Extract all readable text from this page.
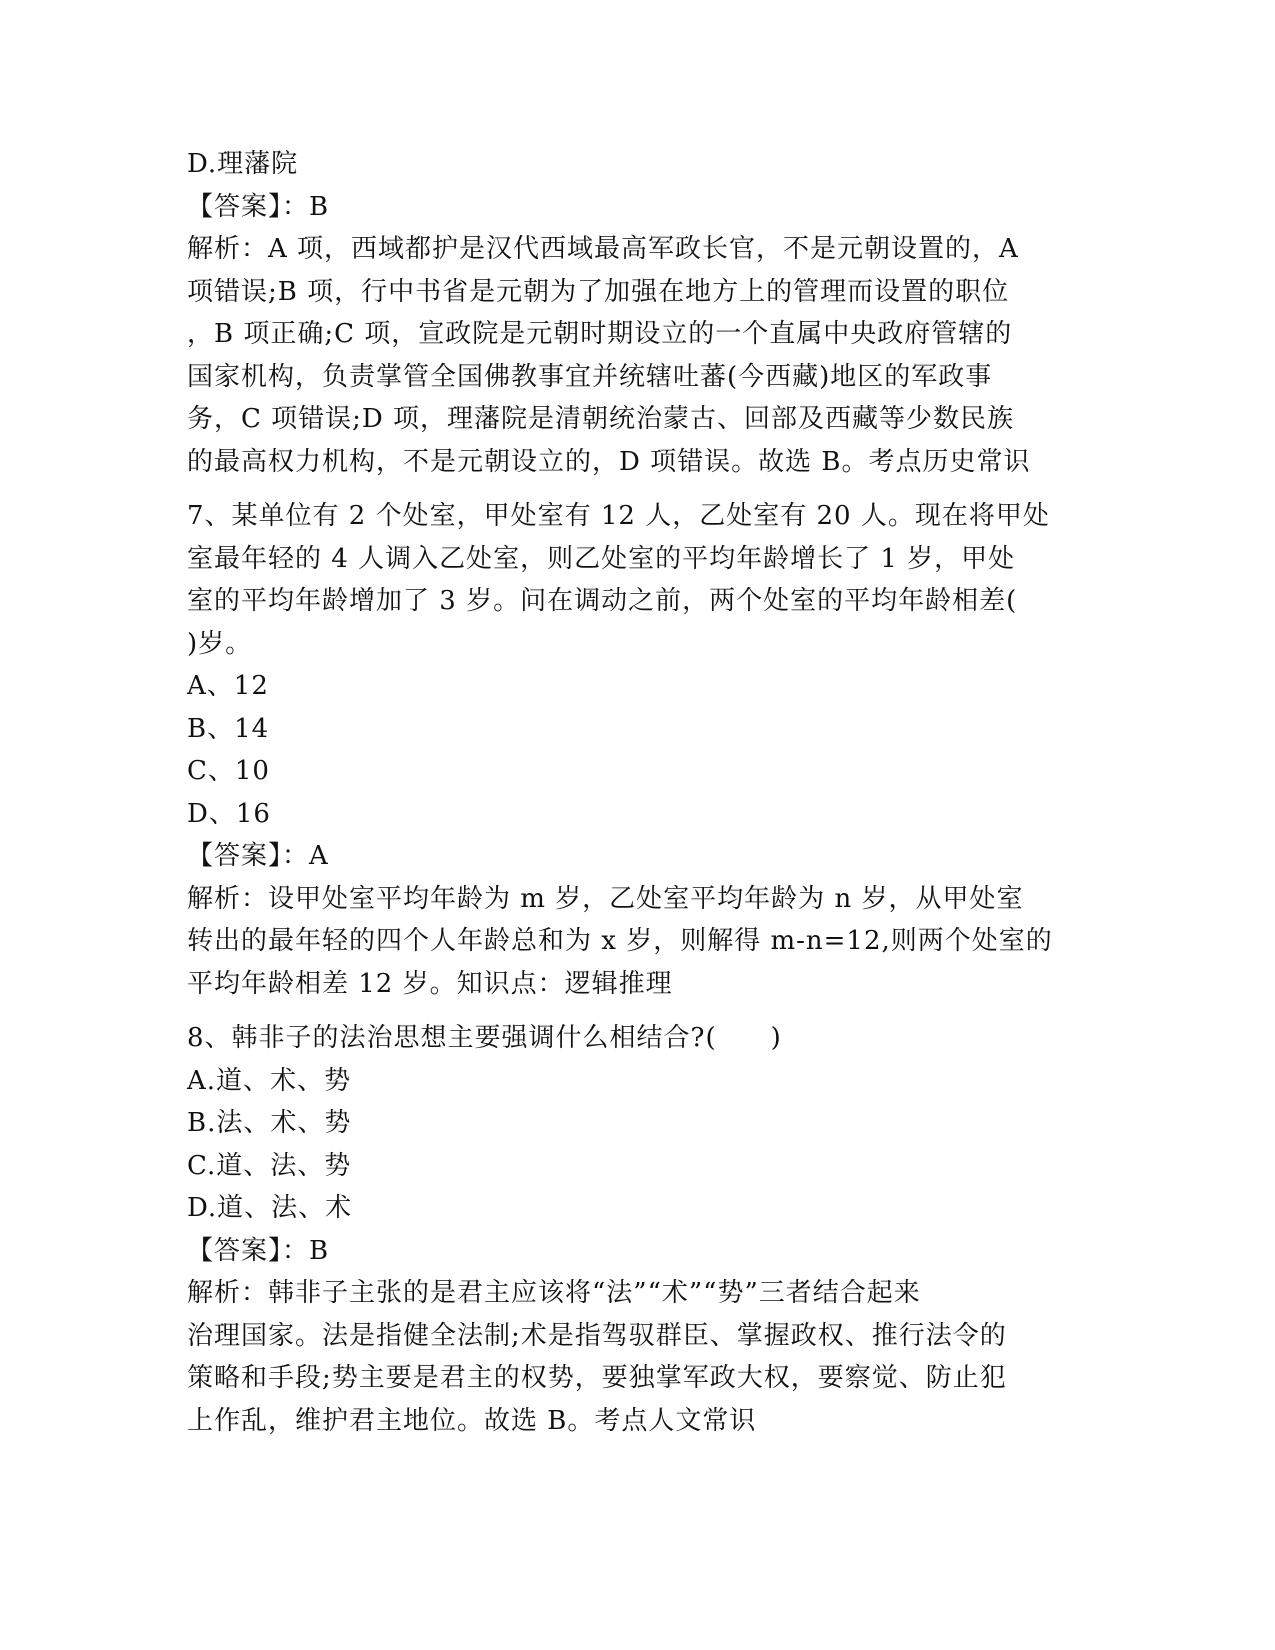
D.理藩院
【答案】：B
解析：A 项，西域都护是汉代西域最高军政长官，不是元朝设置的，A
项错误;B 项，行中书省是元朝为了加强在地方上的管理而设置的职位
，B 项正确;C 项，宣政院是元朝时期设立的一个直属中央政府管辖的
国家机构，负责掌管全国佛教事宜并统辖吐蕃(今西藏)地区的军政事
务，C 项错误;D 项，理藩院是清朝统治蒙古、回部及西藏等少数民族
的最高权力机构，不是元朝设立的，D 项错误。故选 B。考点历史常识
7、某单位有 2 个处室，甲处室有 12 人，乙处室有 20 人。现在将甲处
室最年轻的 4 人调入乙处室，则乙处室的平均年龄增长了 1 岁，甲处
室的平均年龄增加了 3 岁。问在调动之前，两个处室的平均年龄相差(
)岁。
A、12
B、14
C、10
D、16
【答案】：A
解析：设甲处室平均年龄为 m 岁，乙处室平均年龄为 n 岁，从甲处室
转出的最年轻的四个人年龄总和为 x 岁，则解得 m-n=12,则两个处室的
平均年龄相差 12 岁。知识点：逻辑推理
8、韩非子的法治思想主要强调什么相结合?(　　)
A.道、术、势
B.法、术、势
C.道、法、势
D.道、法、术
【答案】：B
解析：韩非子主张的是君主应该将“法”“术”“势”三者结合起来
治理国家。法是指健全法制;术是指驾驭群臣、掌握政权、推行法令的
策略和手段;势主要是君主的权势，要独掌军政大权，要察觉、防止犯
上作乱，维护君主地位。故选 B。考点人文常识
